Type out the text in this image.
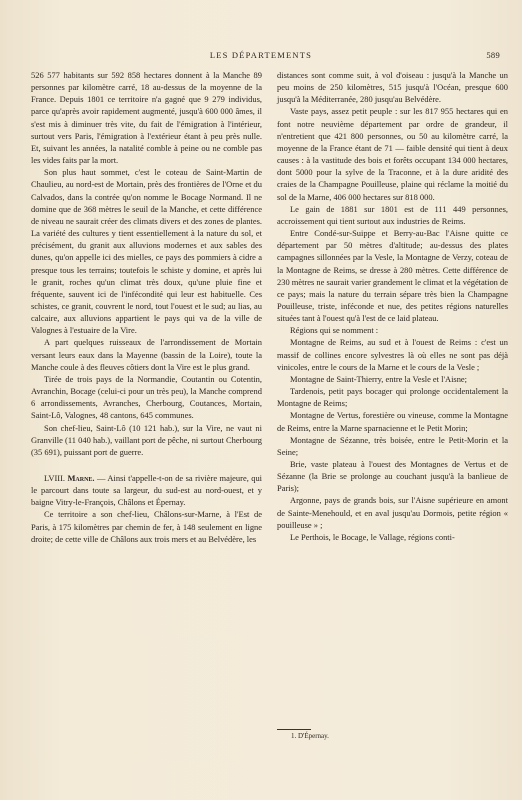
LES DÉPARTEMENTS	589

526 577 habitants sur 592 858 hectares donnent à la Manche 89 personnes par kilomètre carré, 18 au-dessus de la moyenne de la France. Depuis 1801 ce territoire n'a gagné que 9 279 individus, parce qu'après avoir rapidement augmenté, jusqu'à 600 000 âmes, il s'est mis à diminuer très vite, du fait de l'émigration à l'intérieur, surtout vers Paris, l'émigration à l'extérieur étant à peu près nulle. Et, suivant les années, la natalité comble à peine ou ne comble pas les vides faits par la mort.

Son plus haut sommet, c'est le coteau de Saint-Martin de Chaulieu, au nord-est de Mortain, près des frontières de l'Orne et du Calvados, dans la contrée qu'on nomme le Bocage Normand. Il ne domine que de 368 mètres le seuil de la Manche, et cette différence de niveau ne saurait créer des climats divers et des zones de plantes. La variété des cultures y tient essentiellement à la nature du sol, et précisément, du granit aux alluvions modernes et aux sables des dunes, qu'on appelle ici des mielles, ce pays des pommiers à cidre a presque tous les terrains; toutefois le schiste y domine, et après lui le granit, roches qu'un climat très doux, qu'une pluie fine et fréquente, sauvent ici de l'infécondité qui leur est habituelle. Ces schistes, ce granit, couvrent le nord, tout l'ouest et le sud; au lias, au calcaire, aux alluvions appartient le pays qui va de la ville de Valognes à l'estuaire de la Vire.

A part quelques ruisseaux de l'arrondissement de Mortain versant leurs eaux dans la Mayenne (bassin de la Loire), toute la Manche coule à des fleuves côtiers dont la Vire est le plus grand.

Tirée de trois pays de la Normandie, Coutantin ou Cotentin, Avranchin, Bocage (celui-ci pour un très peu), la Manche comprend 6 arrondissements, Avranches, Cherbourg, Coutances, Mortain, Saint-Lô, Valognes, 48 cantons, 645 communes.

Son chef-lieu, Saint-Lô (10 121 hab.), sur la Vire, ne vaut ni Granville (11 040 hab.), vaillant port de pêche, ni surtout Cherbourg (35 691), puissant port de guerre.

LVIII. Marne. — Ainsi t'appelle-t-on de sa rivière majeure, qui le parcourt dans toute sa largeur, du sud-est au nord-ouest, et y baigne Vitry-le-François, Châlons et Épernay.

Ce territoire a son chef-lieu, Châlons-sur-Marne, à l'Est de Paris, à 175 kilomètres par chemin de fer, à 148 seulement en ligne droite; de cette ville de Châlons aux trois mers et au Belvédère, les

distances sont comme suit, à vol d'oiseau : jusqu'à la Manche un peu moins de 250 kilomètres, 515 jusqu'à l'Océan, presque 600 jusqu'à la Méditerranée, 280 jusqu'au Belvédère.

Vaste pays, assez petit peuple : sur les 817 955 hectares qui en font notre neuvième département par ordre de grandeur, il n'entretient que 421 800 personnes, ou 50 au kilomètre carré, la moyenne de la France étant de 71 — faible densité qui tient à deux causes : à la vastitude des bois et forêts occupant 134 000 hectares, dont 5000 pour la sylve de la Traconne, et à la dure aridité des craies de la Champagne Pouilleuse, plaine qui réclame la moitié du sol de la Marne, 406 000 hectares sur 818 000.

Le gain de 1881 sur 1801 est de 111 449 personnes, accroissement qui tient surtout aux industries de Reims.

Entre Condé-sur-Suippe et Berry-au-Bac l'Aisne quitte ce département par 50 mètres d'altitude; au-dessus des plates campagnes sillonnées par la Vesle, la Montagne de Verzy, coteau de la Montagne de Reims, se dresse à 280 mètres. Cette différence de 230 mètres ne saurait varier grandement le climat et la végétation de ce pays; mais la nature du terrain sépare très bien la Champagne Pouilleuse, triste, inféconde et nue, des petites régions naturelles situées tant à l'ouest qu'à l'est de ce laid plateau.

Régions qui se nomment :

Montagne de Reims, au sud et à l'ouest de Reims : c'est un massif de collines encore sylvestres là où elles ne sont pas déjà vinicoles, entre le cours de la Marne et le cours de la Vesle ;

Montagne de Saint-Thierry, entre la Vesle et l'Aisne;

Tardenois, petit pays bocager qui prolonge occidentalement la Montagne de Reims;

Montagne de Vertus, forestière ou vineuse, comme la Montagne de Reims, entre la Marne sparnacienne et le Petit Morin;

Montagne de Sézanne, très boisée, entre le Petit-Morin et la Seine;

Brie, vaste plateau à l'ouest des Montagnes de Vertus et de Sézanne (la Brie se prolonge au couchant jusqu'à la banlieue de Paris);

Argonne, pays de grands bois, sur l'Aisne supérieure en amont de Sainte-Menehould, et en aval jusqu'au Dormois, petite région « pouilleuse » ;

Le Perthois, le Bocage, le Vallage, régions conti-

1. D'Épernay.
